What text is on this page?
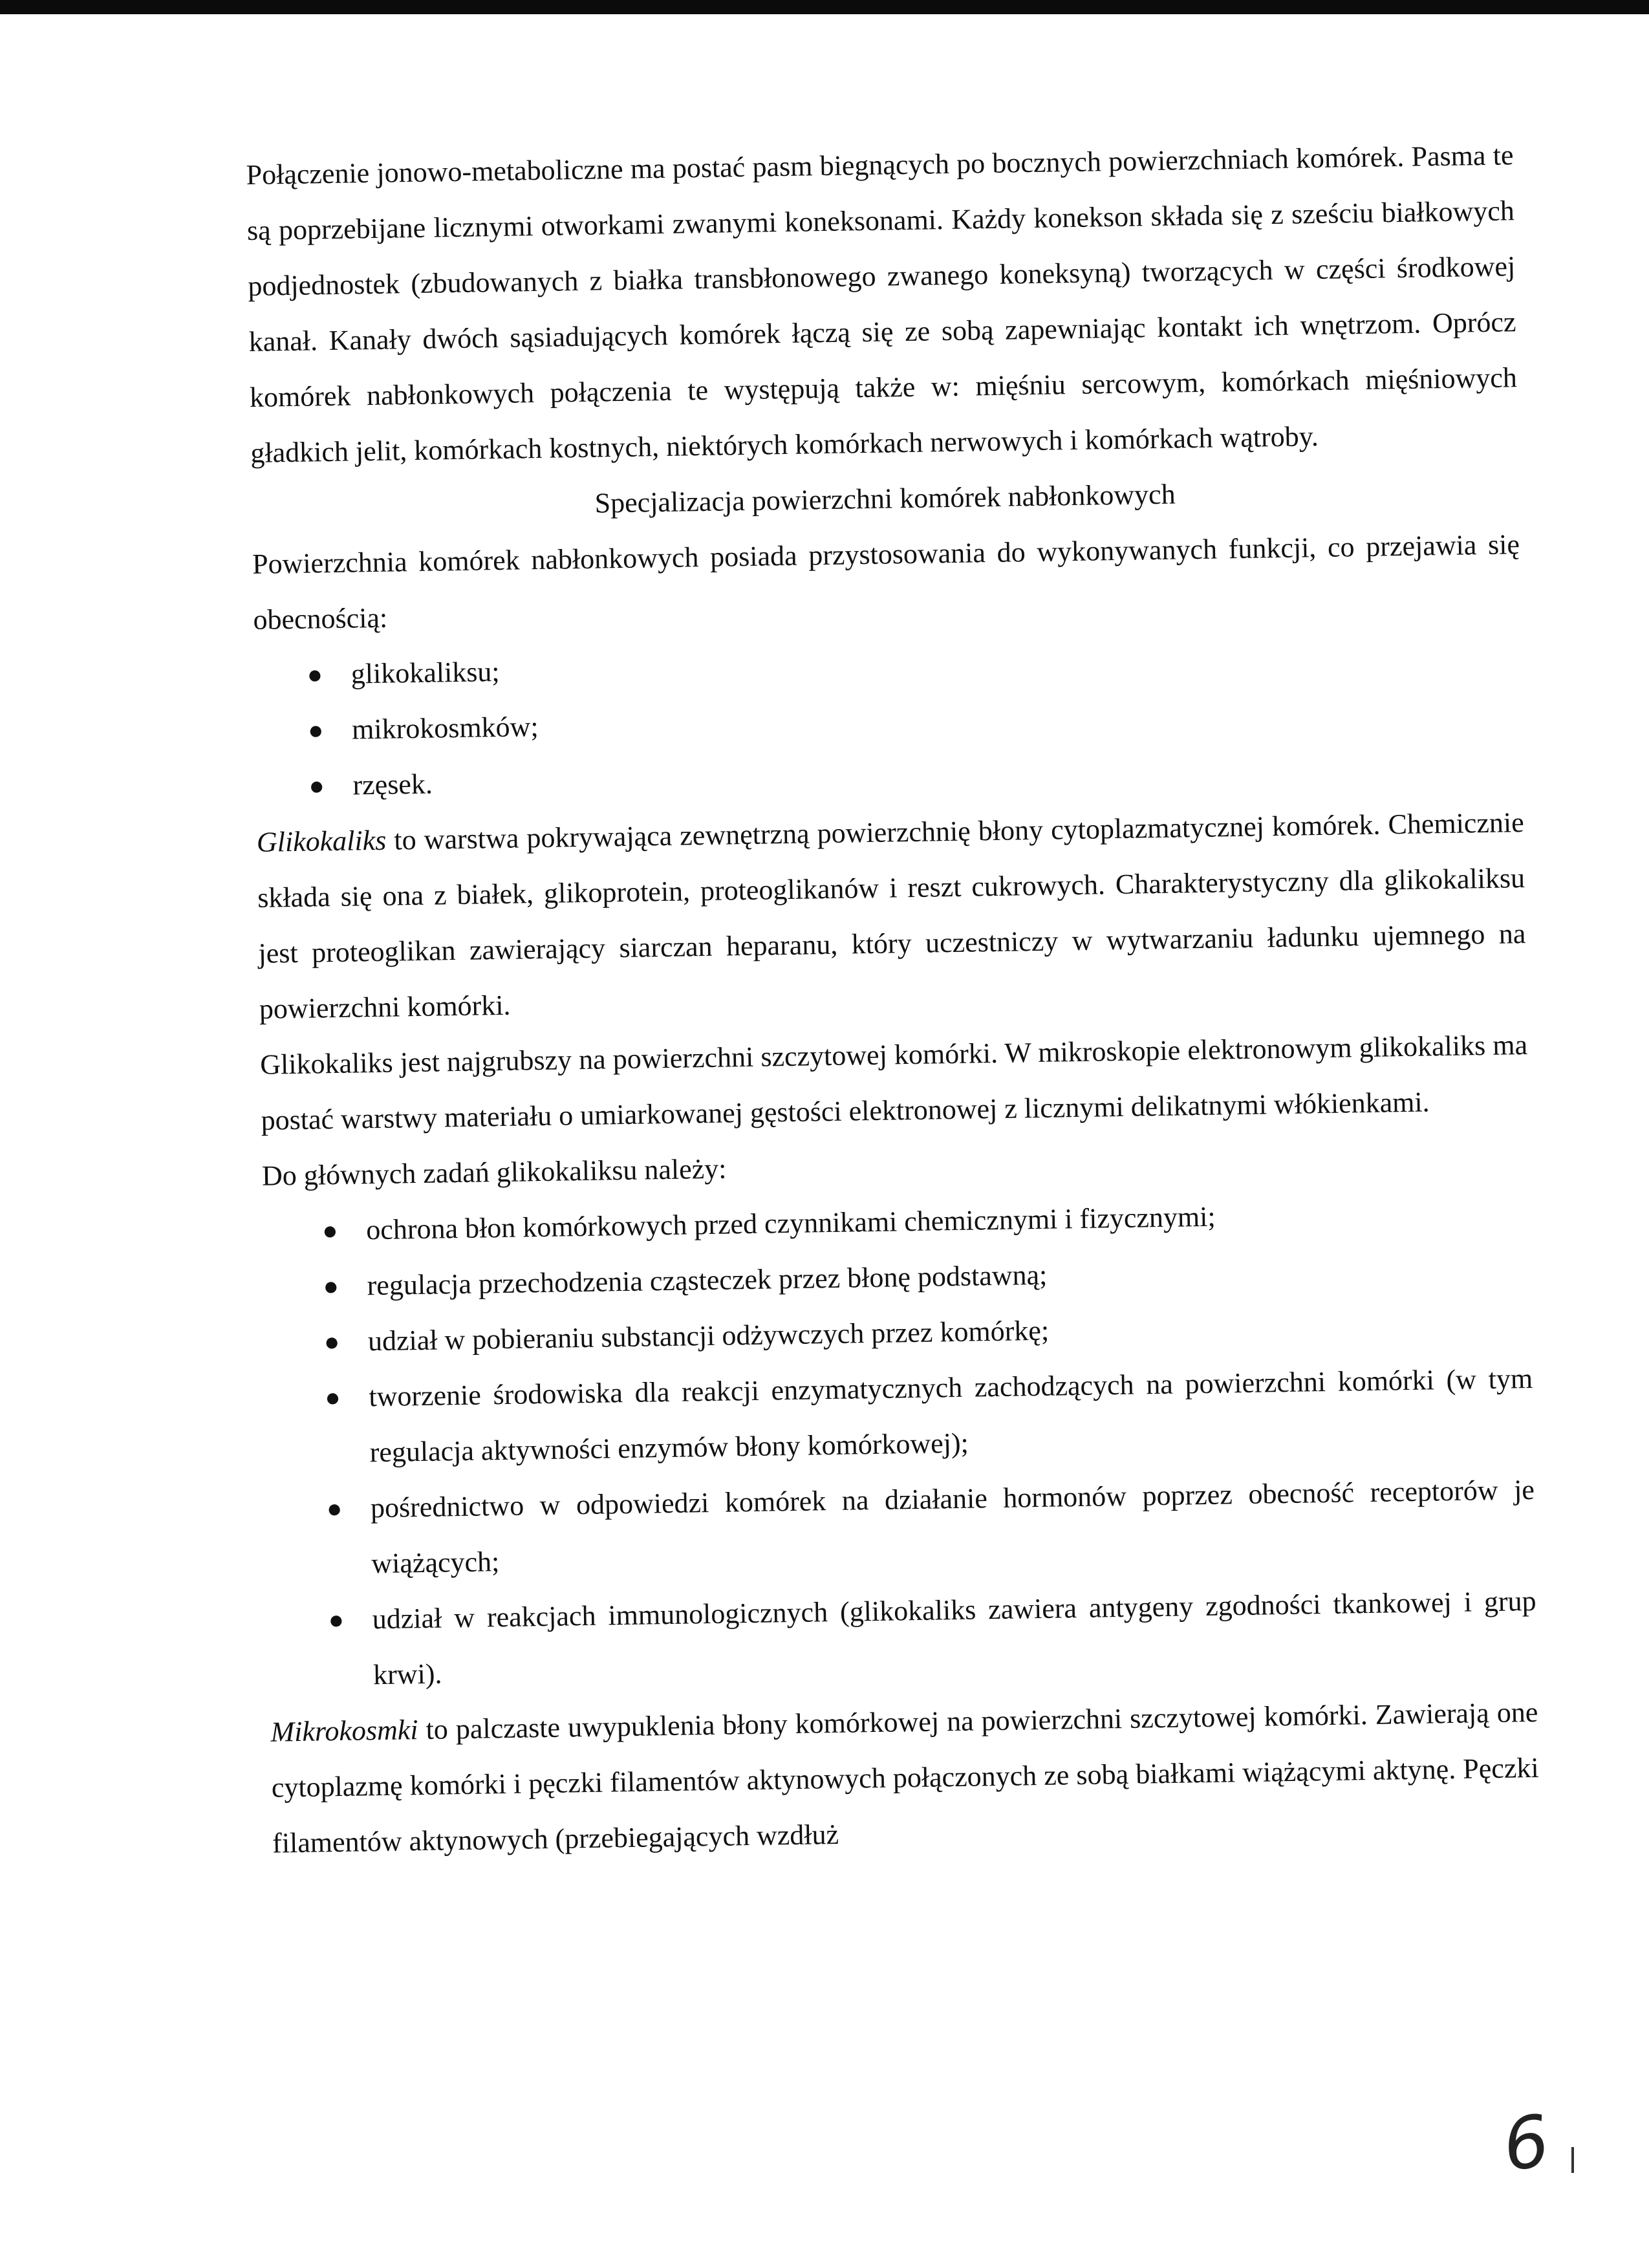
Połączenie jonowo-metaboliczne ma postać pasm biegnących po bocznych powierzchniach komórek. Pasma te są poprzebijane licznymi otworkami zwanymi koneksonami. Każdy konekson składa się z sześciu białkowych podjednostek (zbudowanych z białka transbłonowego zwanego koneksyną) tworzących w części środkowej kanał. Kanały dwóch sąsiadujących komórek łączą się ze sobą zapewniając kontakt ich wnętrzom. Oprócz komórek nabłonkowych połączenia te występują także w: mięśniu sercowym, komórkach mięśniowych gładkich jelit, komórkach kostnych, niektórych komórkach nerwowych i komórkach wątroby.

Specjalizacja powierzchni komórek nabłonkowych

Powierzchnia komórek nabłonkowych posiada przystosowania do wykonywanych funkcji, co przejawia się obecnością:

● glikokaliksu;
● mikrokosmków;
● rzęsek.

Glikokaliks to warstwa pokrywająca zewnętrzną powierzchnię błony cytoplazmatycznej komórek. Chemicznie składa się ona z białek, glikoprotein, proteoglikanów i reszt cukrowych. Charakterystyczny dla glikokaliksu jest proteoglikan zawierający siarczan heparanu, który uczestniczy w wytwarzaniu ładunku ujemnego na powierzchni komórki.

Glikokaliks jest najgrubszy na powierzchni szczytowej komórki. W mikroskopie elektronowym glikokaliks ma postać warstwy materiału o umiarkowanej gęstości elektronowej z licznymi delikatnymi włókienkami.

Do głównych zadań glikokaliksu należy:

● ochrona błon komórkowych przed czynnikami chemicznymi i fizycznymi;
● regulacja przechodzenia cząsteczek przez błonę podstawną;
● udział w pobieraniu substancji odżywczych przez komórkę;
● tworzenie środowiska dla reakcji enzymatycznych zachodzących na powierzchni komórki (w tym regulacja aktywności enzymów błony komórkowej);
● pośrednictwo w odpowiedzi komórek na działanie hormonów poprzez obecność receptorów je wiążących;
● udział w reakcjach immunologicznych (glikokaliks zawiera antygeny zgodności tkankowej i grup krwi).

Mikrokosmki to palczaste uwypuklenia błony komórkowej na powierzchni szczytowej komórki. Zawierają one cytoplazmę komórki i pęczki filamentów aktynowych połączonych ze sobą białkami wiążącymi aktynę. Pęczki filamentów aktynowych (przebiegających wzdłuż

6
